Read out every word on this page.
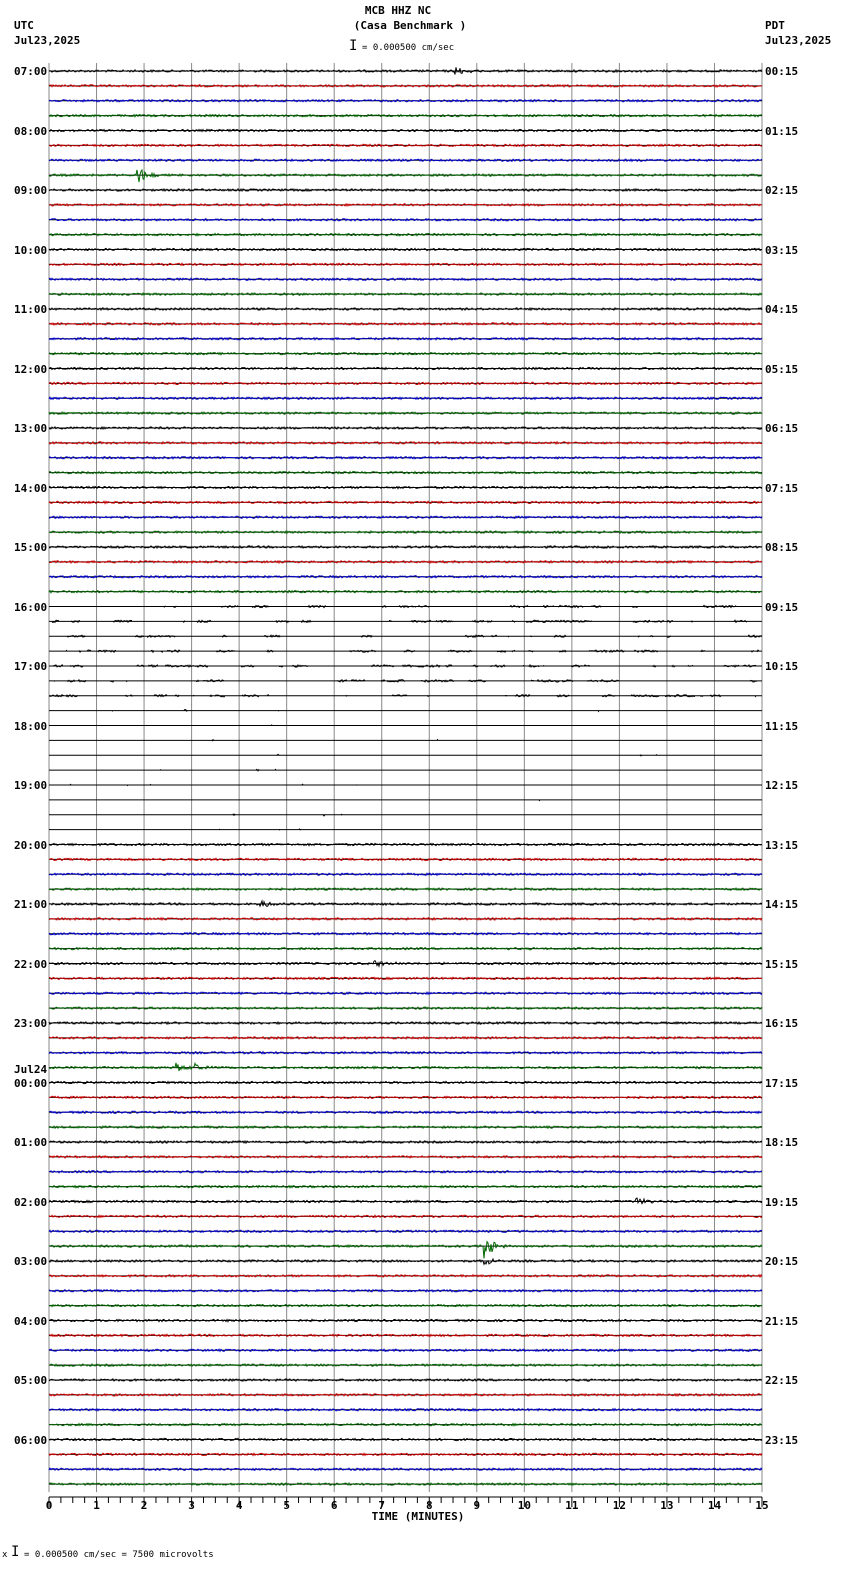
MCB HHZ NC
(Casa Benchmark )
UTC
Jul23,2025
PDT
Jul23,2025
I = 0.000500 cm/sec
TIME (MINUTES)
x I = 0.000500 cm/sec = 7500 microvolts
07:00	00:15
08:00	01:15
09:00	02:15
10:00	03:15
11:00	04:15
12:00	05:15
13:00	06:15
14:00	07:15
15:00	08:15
16:00	09:15
17:00	10:15
18:00	11:15
19:00	12:15
20:00	13:15
21:00	14:15
22:00	15:15
23:00	16:15
Jul24
00:00	17:15
01:00	18:15
02:00	19:15
03:00	20:15
04:00	21:15
05:00	22:15
06:00	23:15
0	1	2	3	4	5	6	7	8	9	10	11	12	13	14	15
